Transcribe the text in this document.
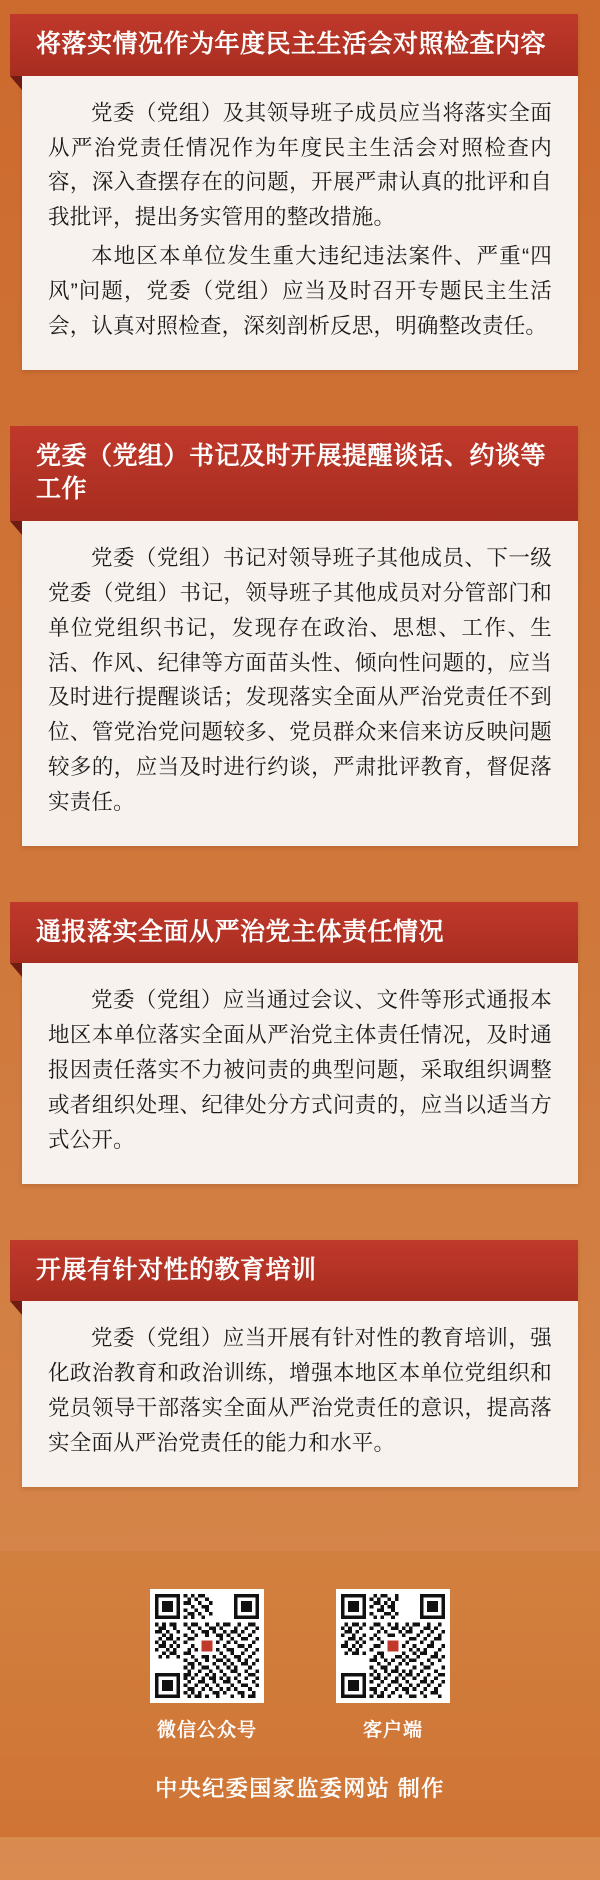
将落实情况作为年度民主生活会对照检查内容

党委（党组）及其领导班子成员应当将落实全面从严治党责任情况作为年度民主生活会对照检查内容，深入查摆存在的问题，开展严肃认真的批评和自我批评，提出务实管用的整改措施。

本地区本单位发生重大违纪违法案件、严重“四风”问题，党委（党组）应当及时召开专题民主生活会，认真对照检查，深刻剖析反思，明确整改责任。

党委（党组）书记及时开展提醒谈话、约谈等工作

党委（党组）书记对领导班子其他成员、下一级党委（党组）书记，领导班子其他成员对分管部门和单位党组织书记，发现存在政治、思想、工作、生活、作风、纪律等方面苗头性、倾向性问题的，应当及时进行提醒谈话；发现落实全面从严治党责任不到位、管党治党问题较多、党员群众来信来访反映问题较多的，应当及时进行约谈，严肃批评教育，督促落实责任。

通报落实全面从严治党主体责任情况

党委（党组）应当通过会议、文件等形式通报本地区本单位落实全面从严治党主体责任情况，及时通报因责任落实不力被问责的典型问题，采取组织调整或者组织处理、纪律处分方式问责的，应当以适当方式公开。

开展有针对性的教育培训

党委（党组）应当开展有针对性的教育培训，强化政治教育和政治训练，增强本地区本单位党组织和党员领导干部落实全面从严治党责任的意识，提高落实全面从严治党责任的能力和水平。

微信公众号	客户端
中央纪委国家监委网站 制作
